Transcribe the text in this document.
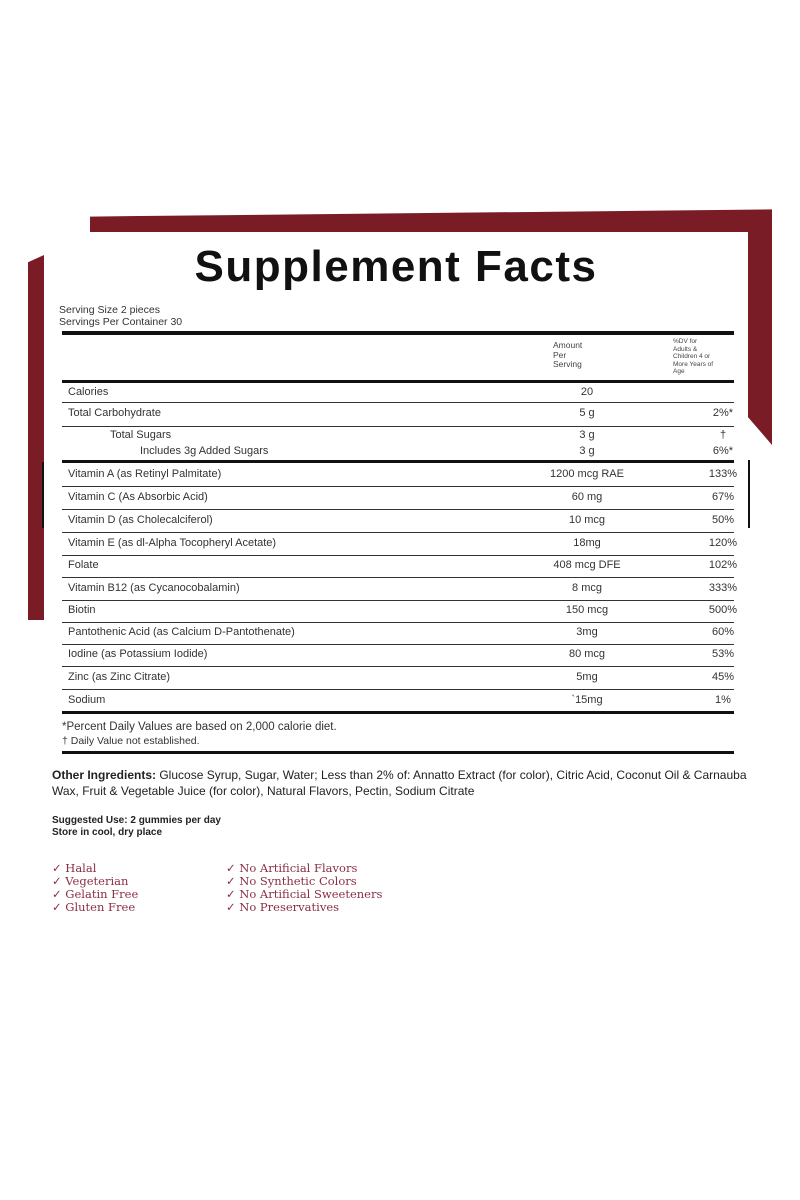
Supplement Facts
Serving Size 2 pieces
Servings Per Container 30
Amount
Per
Serving
%DV for
Adults &
Children 4 or
More Years of
Age
Calories	20
Total Carbohydrate	5 g	2%*
Total Sugars	3 g	†
Includes 3g Added Sugars	3 g	6%*
Vitamin A (as Retinyl Palmitate)	1200 mcg RAE	133%
Vitamin C (As Absorbic Acid)	60 mg	67%
Vitamin D (as Cholecalciferol)	10 mcg	50%
Vitamin E (as dl-Alpha Tocopheryl Acetate)	18mg	120%
Folate	408 mcg DFE	102%
Vitamin B12 (as Cycanocobalamin)	8 mcg	333%
Biotin	150 mcg	500%
Pantothenic Acid (as Calcium D-Pantothenate)	3mg	60%
Iodine (as Potassium Iodide)	80 mcg	53%
Zinc (as Zinc Citrate)	5mg	45%
Sodium	`15mg	1%
*Percent Daily Values are based on 2,000 calorie diet.
† Daily Value not established.
Other Ingredients: Glucose Syrup, Sugar, Water; Less than 2% of: Annatto Extract (for color), Citric Acid, Coconut Oil & Carnauba Wax, Fruit & Vegetable Juice (for color), Natural Flavors, Pectin, Sodium Citrate
Suggested Use: 2 gummies per day
Store in cool, dry place
✓ Halal
✓ Vegeterian
✓ Gelatin Free
✓ Gluten Free
✓ No Artificial Flavors
✓ No Synthetic Colors
✓ No Artificial Sweeteners
✓ No Preservatives
